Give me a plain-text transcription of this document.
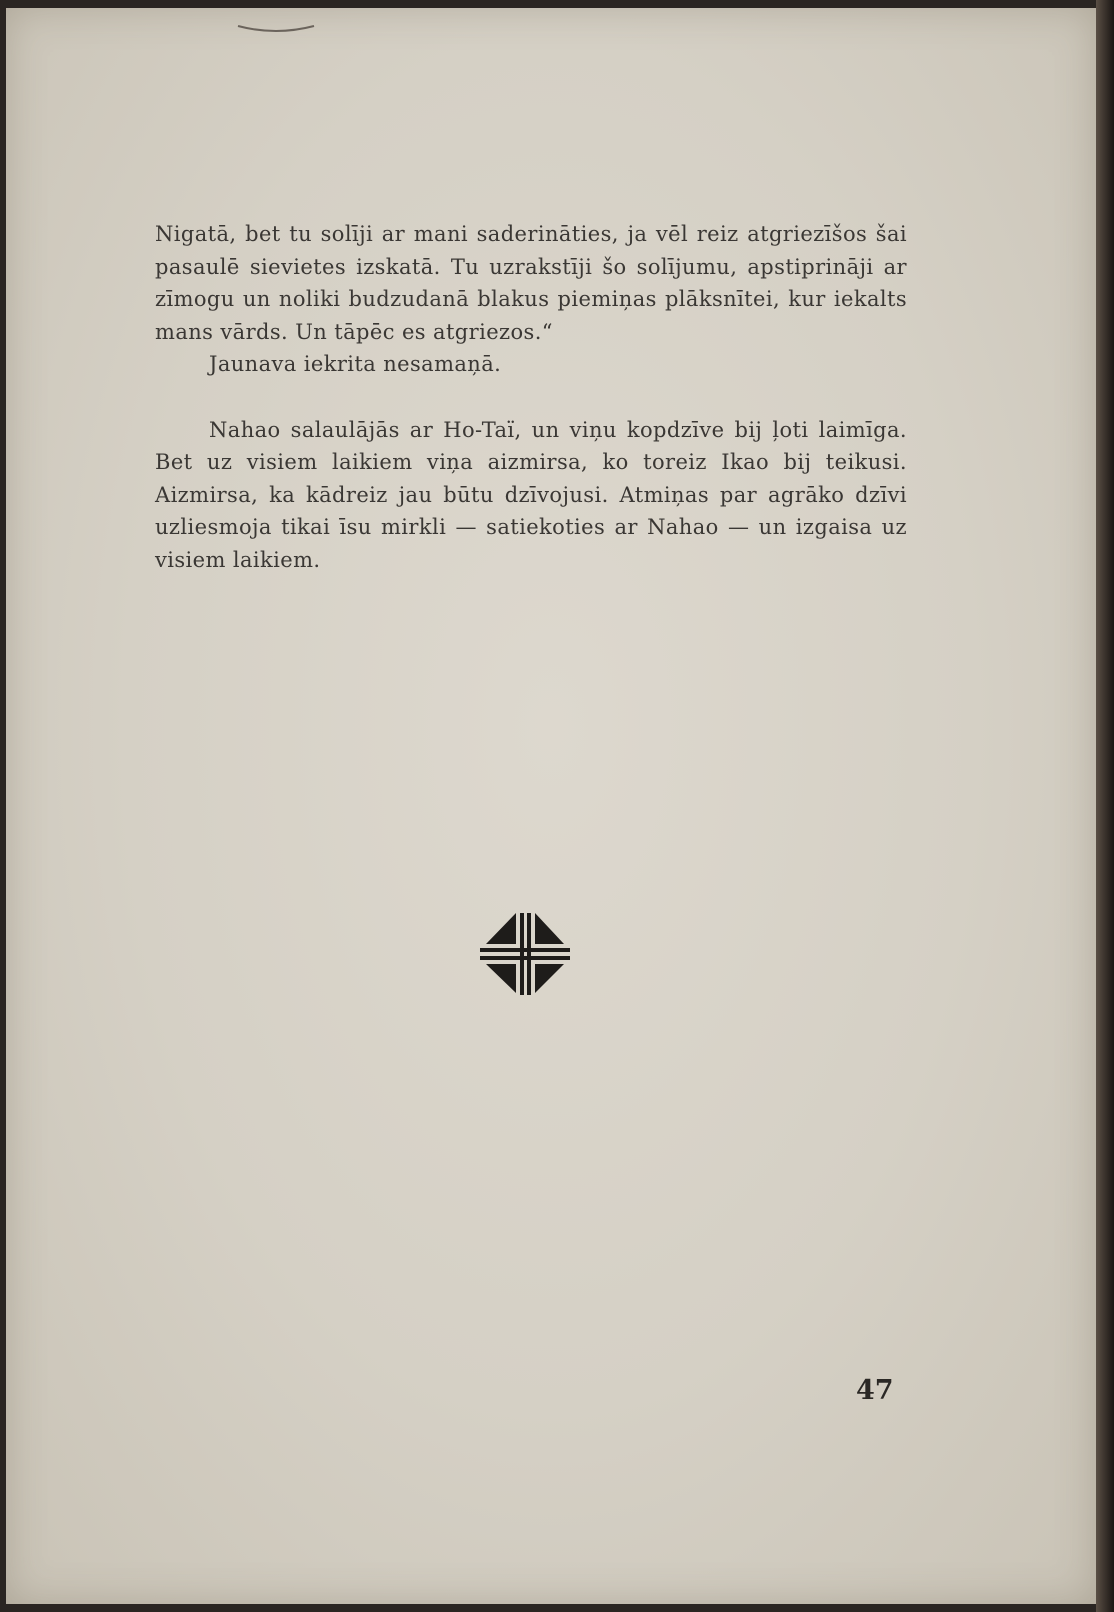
Nigatā, bet tu solīji ar mani saderināties, ja vēl reiz atgriezīšos šai pasaulē sievietes izskatā. Tu uzrakstīji šo solījumu, apstiprināji ar zīmogu un noliki budzudanā blakus piemiņas plāksnītei, kur iekalts mans vārds. Un tāpēc es atgriezos.“

Jaunava iekrita nesamaņā.

Nahao salaulājās ar Ho-Taï, un viņu kopdzīve bij ļoti laimīga. Bet uz visiem laikiem viņa aizmirsa, ko toreiz Ikao bij teikusi. Aizmirsa, ka kādreiz jau būtu dzīvojusi. Atmiņas par agrāko dzīvi uzliesmoja tikai īsu mirkli — satiekoties ar Nahao — un izgaisa uz visiem laikiem.

47
